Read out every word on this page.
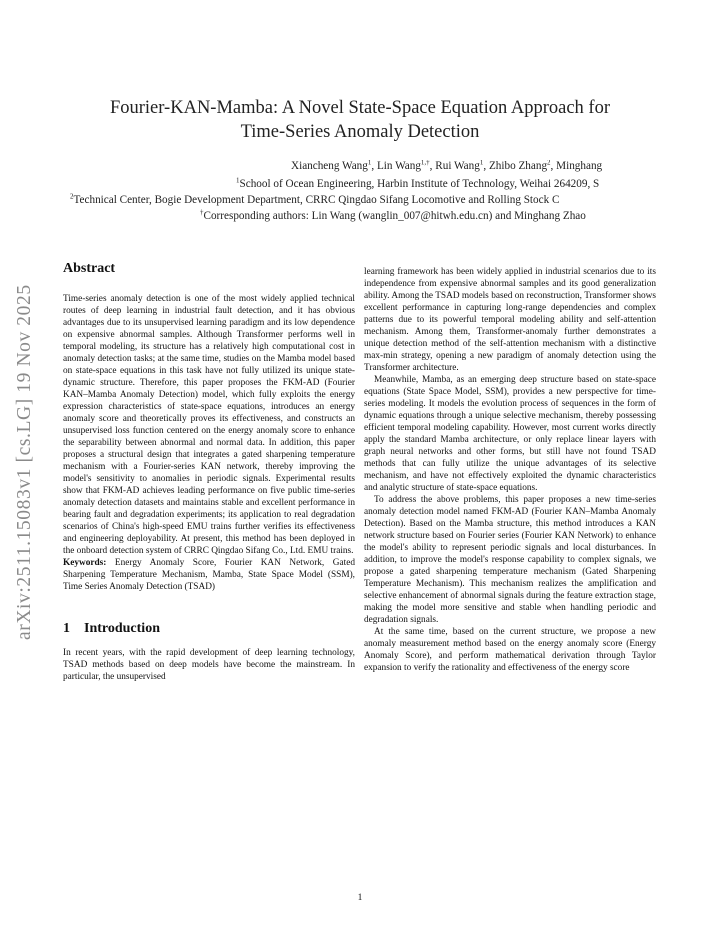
Fourier-KAN-Mamba: A Novel State-Space Equation Approach for
Time-Series Anomaly Detection
Xiancheng Wang$^1$, Lin Wang$^{1,\dagger}$, Rui Wang$^1$, Zhibo Zhang$^2$, Minghang
$^1$School of Ocean Engineering, Harbin Institute of Technology, Weihai 264209, S
$^2$Technical Center, Bogie Development Department, CRRC Qingdao Sifang Locomotive and Rolling Stock C
†Corresponding authors: Lin Wang (wanglin_007@hitwh.edu.cn) and Minghang Zhao
arXiv:2511.15083v1 [cs.LG] 19 Nov 2025
Abstract

Time-series anomaly detection is one of the most widely applied technical routes of deep learning in industrial fault detection, and it has obvious advantages due to its unsupervised learning paradigm and its low dependence on expensive abnormal samples. Although Transformer performs well in temporal modeling, its structure has a relatively high computational cost in anomaly detection tasks; at the same time, studies on the Mamba model based on state-space equations in this task have not fully utilized its unique state-dynamic structure. Therefore, this paper proposes the FKM-AD (Fourier KAN–Mamba Anomaly Detection) model, which fully exploits the energy expression characteristics of state-space equations, introduces an energy anomaly score and theoretically proves its effectiveness, and constructs an unsupervised loss function centered on the energy anomaly score to enhance the separability between abnormal and normal data. In addition, this paper proposes a structural design that integrates a gated sharpening temperature mechanism with a Fourier-series KAN network, thereby improving the model's sensitivity to anomalies in periodic signals. Experimental results show that FKM-AD achieves leading performance on five public time-series anomaly detection datasets and maintains stable and excellent performance in bearing fault and degradation experiments; its application to real degradation scenarios of China's high-speed EMU trains further verifies its effectiveness and engineering deployability. At present, this method has been deployed in the onboard detection system of CRRC Qingdao Sifang Co., Ltd. EMU trains.

Keywords: Energy Anomaly Score, Fourier KAN Network, Gated Sharpening Temperature Mechanism, Mamba, State Space Model (SSM), Time Series Anomaly Detection (TSAD)

1 Introduction

In recent years, with the rapid development of deep learning technology, TSAD methods based on deep models have become the mainstream. In particular, the unsupervised

learning framework has been widely applied in industrial scenarios due to its independence from expensive abnormal samples and its good generalization ability. Among the TSAD models based on reconstruction, Transformer shows excellent performance in capturing long-range dependencies and complex patterns due to its powerful temporal modeling ability and self-attention mechanism. Among them, Transformer-anomaly further demonstrates a unique detection method of the self-attention mechanism with a distinctive max-min strategy, opening a new paradigm of anomaly detection using the Transformer architecture.

Meanwhile, Mamba, as an emerging deep structure based on state-space equations (State Space Model, SSM), provides a new perspective for time-series modeling. It models the evolution process of sequences in the form of dynamic equations through a unique selective mechanism, thereby possessing efficient temporal modeling capability. However, most current works directly apply the standard Mamba architecture, or only replace linear layers with graph neural networks and other forms, but still have not found TSAD methods that can fully utilize the unique advantages of its selective mechanism, and have not effectively exploited the dynamic characteristics and analytic structure of state-space equations.

To address the above problems, this paper proposes a new time-series anomaly detection model named FKM-AD (Fourier KAN–Mamba Anomaly Detection). Based on the Mamba structure, this method introduces a KAN network structure based on Fourier series (Fourier KAN Network) to enhance the model's ability to represent periodic signals and local disturbances. In addition, to improve the model's response capability to complex signals, we propose a gated sharpening temperature mechanism (Gated Sharpening Temperature Mechanism). This mechanism realizes the amplification and selective enhancement of abnormal signals during the feature extraction stage, making the model more sensitive and stable when handling periodic and degradation signals.

At the same time, based on the current structure, we propose a new anomaly measurement method based on the energy anomaly score (Energy Anomaly Score), and perform mathematical derivation through Taylor expansion to verify the rationality and effectiveness of the energy score

1
